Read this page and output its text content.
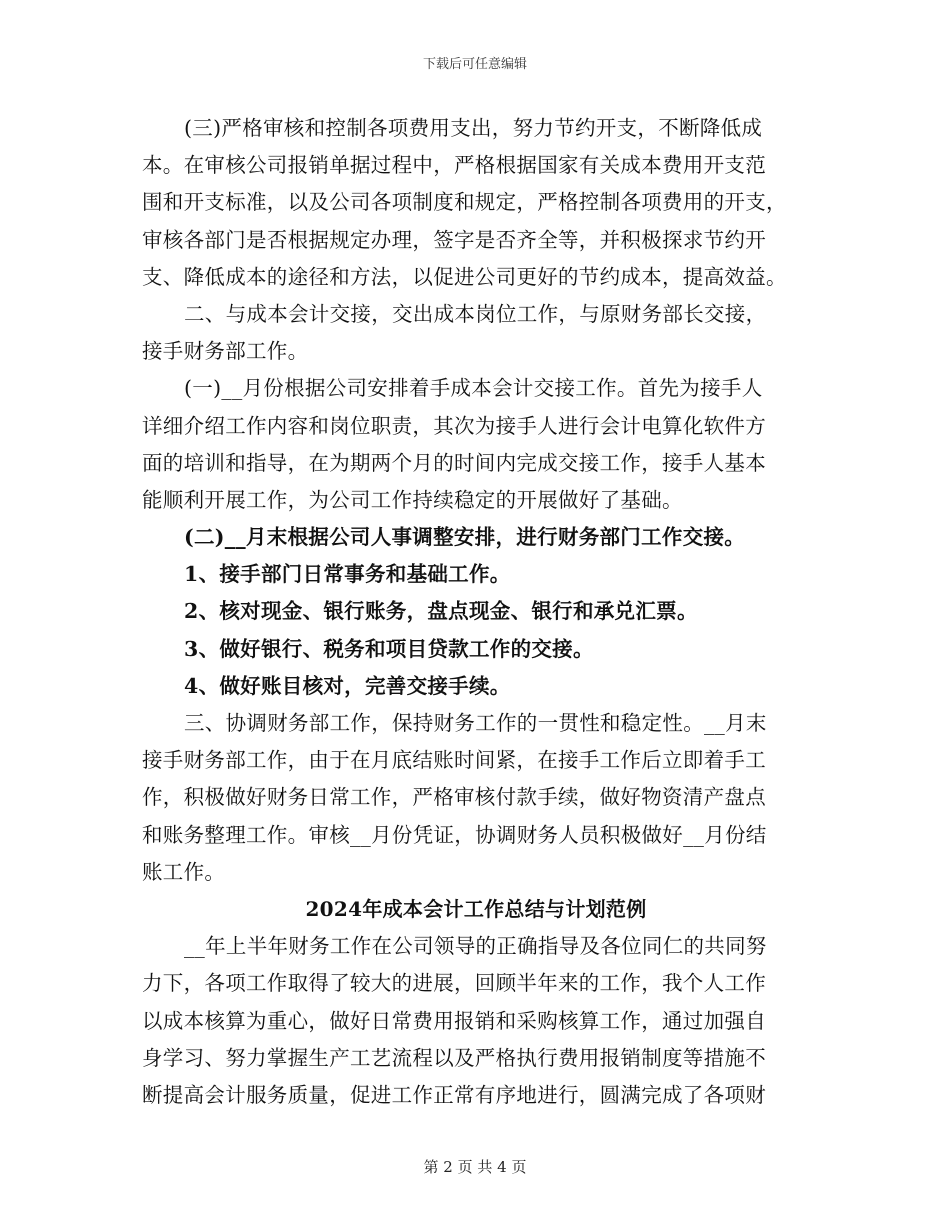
下载后可任意编辑
(三)严格审核和控制各项费用支出，努力节约开支，不断降低成
本。在审核公司报销单据过程中，严格根据国家有关成本费用开支范
围和开支标准，以及公司各项制度和规定，严格控制各项费用的开支，
审核各部门是否根据规定办理，签字是否齐全等，并积极探求节约开
支、降低成本的途径和方法，以促进公司更好的节约成本，提高效益。
二、与成本会计交接，交出成本岗位工作，与原财务部长交接，
接手财务部工作。
(一)__月份根据公司安排着手成本会计交接工作。首先为接手人
详细介绍工作内容和岗位职责，其次为接手人进行会计电算化软件方
面的培训和指导，在为期两个月的时间内完成交接工作，接手人基本
能顺利开展工作，为公司工作持续稳定的开展做好了基础。
(二)__月末根据公司人事调整安排，进行财务部门工作交接。
1、接手部门日常事务和基础工作。
2、核对现金、银行账务，盘点现金、银行和承兑汇票。
3、做好银行、税务和项目贷款工作的交接。
4、做好账目核对，完善交接手续。
三、协调财务部工作，保持财务工作的一贯性和稳定性。__月末
接手财务部工作，由于在月底结账时间紧，在接手工作后立即着手工
作，积极做好财务日常工作，严格审核付款手续，做好物资清产盘点
和账务整理工作。审核__月份凭证，协调财务人员积极做好__月份结
账工作。
2024年成本会计工作总结与计划范例
__年上半年财务工作在公司领导的正确指导及各位同仁的共同努
力下，各项工作取得了较大的进展，回顾半年来的工作，我个人工作
以成本核算为重心，做好日常费用报销和采购核算工作，通过加强自
身学习、努力掌握生产工艺流程以及严格执行费用报销制度等措施不
断提高会计服务质量，促进工作正常有序地进行，圆满完成了各项财
第 2 页 共 4 页
